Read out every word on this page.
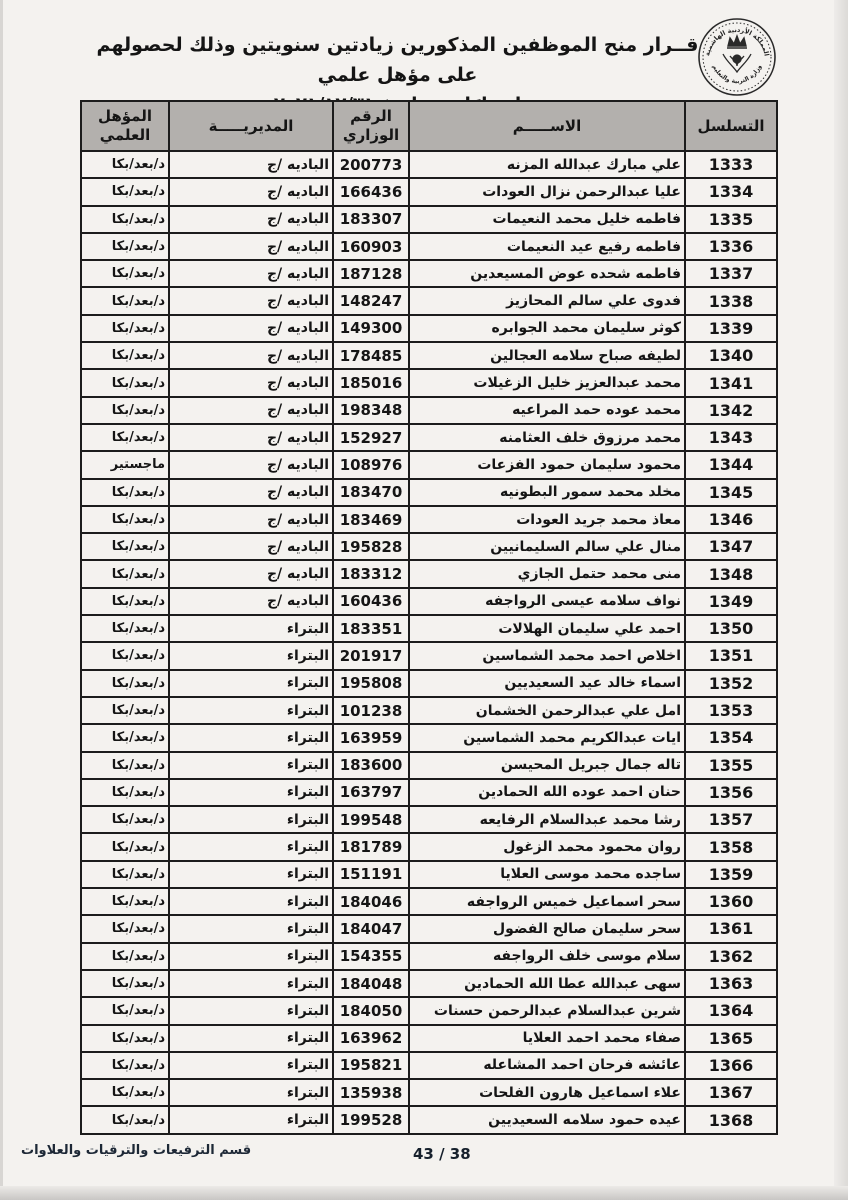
قــرار منح الموظفين المذكورين زيادتين سنويتين وذلك لحصولهم على مؤهل علمي
المملكة الأردنية الهاشمية
وزارة التربية والتعليم
التسلسل	الاســـــم	الرقم الوزاري	المديريـــــة	المؤهل العلمي
1333	علي مبارك عبدالله المزنه	200773	الباديه /ج	د/بعد/بكا
1334	عليا عبدالرحمن نزال العودات	166436	الباديه /ج	د/بعد/بكا
1335	فاطمه خليل محمد النعيمات	183307	الباديه /ج	د/بعد/بكا
1336	فاطمه رفيع عيد النعيمات	160903	الباديه /ج	د/بعد/بكا
1337	فاطمه شحده عوض المسيعدين	187128	الباديه /ج	د/بعد/بكا
1338	فدوى علي سالم المحازيز	148247	الباديه /ج	د/بعد/بكا
1339	كوثر سليمان محمد الجوابره	149300	الباديه /ج	د/بعد/بكا
1340	لطيفه صباح سلامه العجالين	178485	الباديه /ج	د/بعد/بكا
1341	محمد عبدالعزيز خليل الزغيلات	185016	الباديه /ج	د/بعد/بكا
1342	محمد عوده حمد المراعيه	198348	الباديه /ج	د/بعد/بكا
1343	محمد مرزوق خلف العثامنه	152927	الباديه /ج	د/بعد/بكا
1344	محمود سليمان حمود الفزعات	108976	الباديه /ج	ماجستير
1345	مخلد محمد سمور البطونيه	183470	الباديه /ج	د/بعد/بكا
1346	معاذ محمد جريد العودات	183469	الباديه /ج	د/بعد/بكا
1347	منال علي سالم السليمانيين	195828	الباديه /ج	د/بعد/بكا
1348	منى محمد حتمل الجازي	183312	الباديه /ج	د/بعد/بكا
1349	نواف سلامه عيسى الرواجفه	160436	الباديه /ج	د/بعد/بكا
1350	احمد علي سليمان الهلالات	183351	البتراء	د/بعد/بكا
1351	اخلاص احمد محمد الشماسين	201917	البتراء	د/بعد/بكا
1352	اسماء خالد عيد السعيديين	195808	البتراء	د/بعد/بكا
1353	امل علي عبدالرحمن الخشمان	101238	البتراء	د/بعد/بكا
1354	ايات عبدالكريم محمد الشماسين	163959	البتراء	د/بعد/بكا
1355	تاله جمال جبريل المحيسن	183600	البتراء	د/بعد/بكا
1356	حنان احمد عوده الله الحمادين	163797	البتراء	د/بعد/بكا
1357	رشا محمد عبدالسلام الرفايعه	199548	البتراء	د/بعد/بكا
1358	روان محمود محمد الزغول	181789	البتراء	د/بعد/بكا
1359	ساجده محمد موسى العلايا	151191	البتراء	د/بعد/بكا
1360	سحر اسماعيل خميس الرواجفه	184046	البتراء	د/بعد/بكا
1361	سحر سليمان صالح الفضول	184047	البتراء	د/بعد/بكا
1362	سلام موسى خلف الرواجفه	154355	البتراء	د/بعد/بكا
1363	سهى عبدالله عطا الله الحمادين	184048	البتراء	د/بعد/بكا
1364	شرين عبدالسلام عبدالرحمن حسنات	184050	البتراء	د/بعد/بكا
1365	صفاء محمد احمد العلايا	163962	البتراء	د/بعد/بكا
1366	عائشه فرحان احمد المشاعله	195821	البتراء	د/بعد/بكا
1367	علاء اسماعيل هارون الفلحات	135938	البتراء	د/بعد/بكا
1368	عيده حمود سلامه السعيديين	199528	البتراء	د/بعد/بكا
قسم الترفيعات والترقيات والعلاوات	43 / 38
